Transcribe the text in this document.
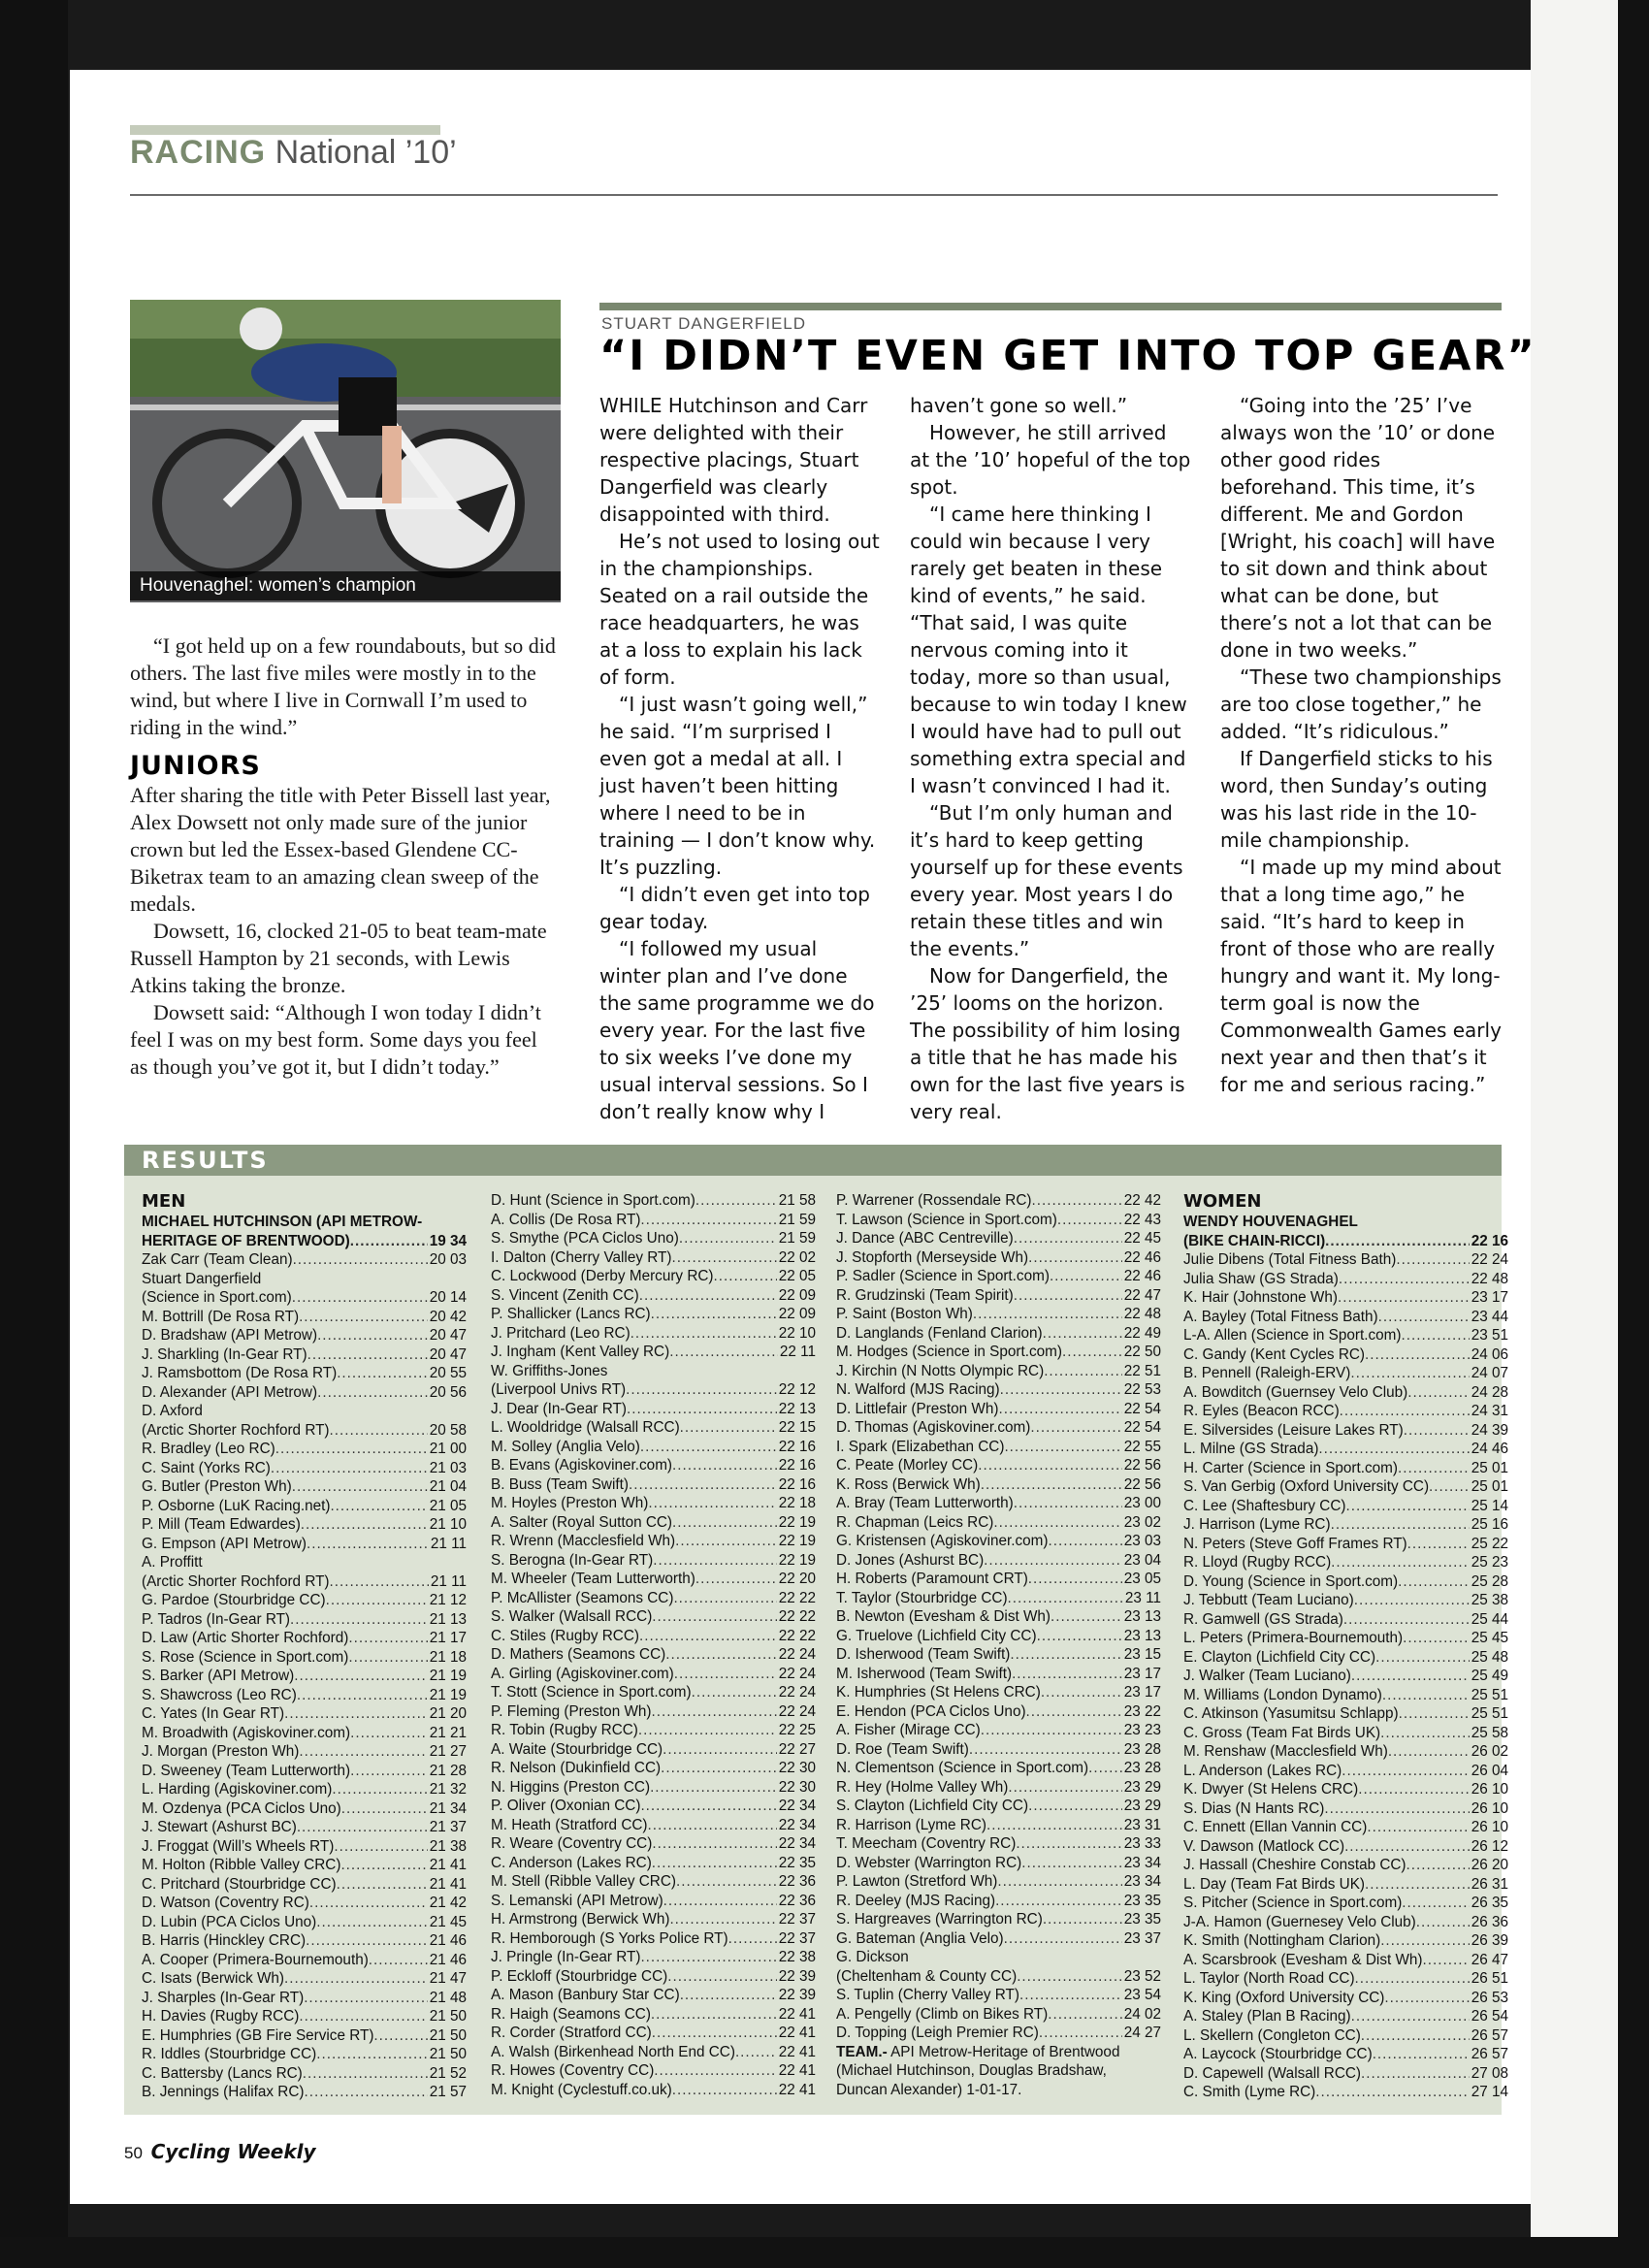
RACING National ’10’
Houvenaghel: women’s champion

“I got held up on a few roundabouts, but so did others. The last five miles were mostly in to the wind, but where I live in Cornwall I’m used to riding in the wind.”

JUNIORS

After sharing the title with Peter Bissell last year, Alex Dowsett not only made sure of the junior crown but led the Essex-based Glendene CC-Biketrax team to an amazing clean sweep of the medals.

Dowsett, 16, clocked 21-05 to beat team-mate Russell Hampton by 21 seconds, with Lewis Atkins taking the bronze.

Dowsett said: “Although I won today I didn’t feel I was on my best form. Some days you feel as though you’ve got it, but I didn’t today.”

STUART DANGERFIELD
“I DIDN’T EVEN GET INTO TOP GEAR”

WHILE Hutchinson and Carr were delighted with their respective placings, Stuart Dangerfield was clearly disappointed with third.

He’s not used to losing out in the championships. Seated on a rail outside the race headquarters, he was at a loss to explain his lack of form.

“I just wasn’t going well,” he said. “I’m surprised I even got a medal at all. I just haven’t been hitting where I need to be in training — I don’t know why. It’s puzzling.

“I didn’t even get into top gear today.

“I followed my usual winter plan and I’ve done the same programme we do every year. For the last five to six weeks I’ve done my usual interval sessions. So I don’t really know why I

haven’t gone so well.”

However, he still arrived at the ’10’ hopeful of the top spot.

“I came here thinking I could win because I very rarely get beaten in these kind of events,” he said. “That said, I was quite nervous coming into it today, more so than usual, because to win today I knew I would have had to pull out something extra special and I wasn’t convinced I had it.

“But I’m only human and it’s hard to keep getting yourself up for these events every year. Most years I do retain these titles and win the events.”

Now for Dangerfield, the ’25’ looms on the horizon. The possibility of him losing a title that he has made his own for the last five years is very real.

“Going into the ’25’ I’ve always won the ’10’ or done other good rides beforehand. This time, it’s different. Me and Gordon [Wright, his coach] will have to sit down and think about what can be done, but there’s not a lot that can be done in two weeks.”

“These two championships are too close together,” he added. “It’s ridiculous.”

If Dangerfield sticks to his word, then Sunday’s outing was his last ride in the 10-mile championship.

“I made up my mind about that a long time ago,” he said. “It’s hard to keep in front of those who are really hungry and want it. My long-term goal is now the Commonwealth Games early next year and then that’s it for me and serious racing.”

RESULTS
MEN
MICHAEL HUTCHINSON (API METROW-
HERITAGE OF BRENTWOOD) .....	19 34
Zak Carr (Team Clean) .....	20 03
Stuart Dangerfield
(Science in Sport.com) .....	20 14
M. Bottrill (De Rosa RT) .....	20 42
D. Bradshaw (API Metrow) .....	20 47
J. Sharkling (In-Gear RT) .....	20 47
J. Ramsbottom (De Rosa RT) .....	20 55
D. Alexander (API Metrow) .....	20 56
D. Axford
(Arctic Shorter Rochford RT) .....	20 58
R. Bradley (Leo RC) .....	21 00
C. Saint (Yorks RC) .....	21 03
G. Butler (Preston Wh) .....	21 04
P. Osborne (LuK Racing.net) .....	21 05
P. Mill (Team Edwardes) .....	21 10
G. Empson (API Metrow) .....	21 11
A. Proffitt
(Arctic Shorter Rochford RT) .....	21 11
G. Pardoe (Stourbridge CC) .....	21 12
P. Tadros (In-Gear RT) .....	21 13
D. Law (Artic Shorter Rochford) .....	21 17
S. Rose (Science in Sport.com) .....	21 18
S. Barker (API Metrow) .....	21 19
S. Shawcross (Leo RC) .....	21 19
C. Yates (In Gear RT) .....	21 20
M. Broadwith (Agiskoviner.com) .....	21 21
J. Morgan (Preston Wh) .....	21 27
D. Sweeney (Team Lutterworth) .....	21 28
L. Harding (Agiskoviner.com) .....	21 32
M. Ozdenya (PCA Ciclos Uno) .....	21 34
J. Stewart (Ashurst BC) .....	21 37
J. Froggat (Will’s Wheels RT) .....	21 38
M. Holton (Ribble Valley CRC) .....	21 41
C. Pritchard (Stourbridge CC) .....	21 41
D. Watson (Coventry RC) .....	21 42
D. Lubin (PCA Ciclos Uno) .....	21 45
B. Harris (Hinckley CRC) .....	21 46
A. Cooper (Primera-Bournemouth) .....	21 46
C. Isats (Berwick Wh) .....	21 47
J. Sharples (In-Gear RT) .....	21 48
H. Davies (Rugby RCC) .....	21 50
E. Humphries (GB Fire Service RT) .....	21 50
R. Iddles (Stourbridge CC) .....	21 50
C. Battersby (Lancs RC) .....	21 52
B. Jennings (Halifax RC) .....	21 57
D. Hunt (Science in Sport.com) .....	21 58
A. Collis (De Rosa RT) .....	21 59
S. Smythe (PCA Ciclos Uno) .....	21 59
I. Dalton (Cherry Valley RT) .....	22 02
C. Lockwood (Derby Mercury RC) .....	22 05
S. Vincent (Zenith CC) .....	22 09
P. Shallicker (Lancs RC) .....	22 09
J. Pritchard (Leo RC) .....	22 10
J. Ingham (Kent Valley RC) .....	22 11
W. Griffiths-Jones
(Liverpool Univs RT) .....	22 12
J. Dear (In-Gear RT) .....	22 13
L. Wooldridge (Walsall RCC) .....	22 15
M. Solley (Anglia Velo) .....	22 16
B. Evans (Agiskoviner.com) .....	22 16
B. Buss (Team Swift) .....	22 16
M. Hoyles (Preston Wh) .....	22 18
A. Salter (Royal Sutton CC) .....	22 19
R. Wrenn (Macclesfield Wh) .....	22 19
S. Berogna (In-Gear RT) .....	22 19
M. Wheeler (Team Lutterworth) .....	22 20
P. McAllister (Seamons CC) .....	22 22
S. Walker (Walsall RCC) .....	22 22
C. Stiles (Rugby RCC) .....	22 22
D. Mathers (Seamons CC) .....	22 24
A. Girling (Agiskoviner.com) .....	22 24
T. Stott (Science in Sport.com) .....	22 24
P. Fleming (Preston Wh) .....	22 24
R. Tobin (Rugby RCC) .....	22 25
A. Waite (Stourbridge CC) .....	22 27
R. Nelson (Dukinfield CC) .....	22 30
N. Higgins (Preston CC) .....	22 30
P. Oliver (Oxonian CC) .....	22 34
M. Heath (Stratford CC) .....	22 34
R. Weare (Coventry CC) .....	22 34
C. Anderson (Lakes RC) .....	22 35
M. Stell (Ribble Valley CRC) .....	22 36
S. Lemanski (API Metrow) .....	22 36
H. Armstrong (Berwick Wh) .....	22 37
R. Hemborough (S Yorks Police RT) .....	22 37
J. Pringle (In-Gear RT) .....	22 38
P. Eckloff (Stourbridge CC) .....	22 39
A. Mason (Banbury Star CC) .....	22 39
R. Haigh (Seamons CC) .....	22 41
R. Corder (Stratford CC) .....	22 41
A. Walsh (Birkenhead North End CC) .....	22 41
R. Howes (Coventry CC) .....	22 41
M. Knight (Cyclestuff.co.uk) .....	22 41
P. Warrener (Rossendale RC) .....	22 42
T. Lawson (Science in Sport.com) .....	22 43
J. Dance (ABC Centreville) .....	22 45
J. Stopforth (Merseyside Wh) .....	22 46
P. Sadler (Science in Sport.com) .....	22 46
R. Grudzinski (Team Spirit) .....	22 47
P. Saint (Boston Wh) .....	22 48
D. Langlands (Fenland Clarion) .....	22 49
M. Hodges (Science in Sport.com) .....	22 50
J. Kirchin (N Notts Olympic RC) .....	22 51
N. Walford (MJS Racing) .....	22 53
D. Littlefair (Preston Wh) .....	22 54
D. Thomas (Agiskoviner.com) .....	22 54
I. Spark (Elizabethan CC) .....	22 55
C. Peate (Morley CC) .....	22 56
K. Ross (Berwick Wh) .....	22 56
A. Bray (Team Lutterworth) .....	23 00
R. Chapman (Leics RC) .....	23 02
G. Kristensen (Agiskoviner.com) .....	23 03
D. Jones (Ashurst BC) .....	23 04
H. Roberts (Paramount CRT) .....	23 05
T. Taylor (Stourbridge CC) .....	23 11
B. Newton (Evesham & Dist Wh) .....	23 13
G. Truelove (Lichfield City CC) .....	23 13
D. Isherwood (Team Swift) .....	23 15
M. Isherwood (Team Swift) .....	23 17
K. Humphries (St Helens CRC) .....	23 17
E. Hendon (PCA Ciclos Uno) .....	23 22
A. Fisher (Mirage CC) .....	23 23
D. Roe (Team Swift) .....	23 28
N. Clementson (Science in Sport.com) ..... 23 28
R. Hey (Holme Valley Wh) .....	23 29
S. Clayton (Lichfield City CC) .....	23 29
R. Harrison (Lyme RC) .....	23 31
T. Meecham (Coventry RC) .....	23 33
D. Webster (Warrington RC) .....	23 34
P. Lawton (Stretford Wh) .....	23 34
R. Deeley (MJS Racing) .....	23 35
S. Hargreaves (Warrington RC) .....	23 35
G. Bateman (Anglia Velo) .....	23 37
G. Dickson
(Cheltenham & County CC) .....	23 52
S. Tuplin (Cherry Valley RT) .....	23 54
A. Pengelly (Climb on Bikes RT) .....	24 02
D. Topping (Leigh Premier RC) .....	24 27
TEAM.- API Metrow-Heritage of Brentwood (Michael Hutchinson, Douglas Bradshaw, Duncan Alexander) 1-01-17.
WOMEN
WENDY HOUVENAGHEL
(BIKE CHAIN-RICCI) .....	22 16
Julie Dibens (Total Fitness Bath) .....	22 24
Julia Shaw (GS Strada) .....	22 48
K. Hair (Johnstone Wh) .....	23 17
A. Bayley (Total Fitness Bath) .....	23 44
L-A. Allen (Science in Sport.com) .....	23 51
C. Gandy (Kent Cycles RC) .....	24 06
B. Pennell (Raleigh-ERV) .....	24 07
A. Bowditch (Guernsey Velo Club) .....	24 28
R. Eyles (Beacon RCC) .....	24 31
E. Silversides (Leisure Lakes RT) .....	24 39
L. Milne (GS Strada) .....	24 46
H. Carter (Science in Sport.com) .....	25 01
S. Van Gerbig (Oxford University CC) .....	25 01
C. Lee (Shaftesbury CC) .....	25 14
J. Harrison (Lyme RC) .....	25 16
N. Peters (Steve Goff Frames RT) .....	25 22
R. Lloyd (Rugby RCC) .....	25 23
D. Young (Science in Sport.com) .....	25 28
J. Tebbutt (Team Luciano) .....	25 38
R. Gamwell (GS Strada) .....	25 44
L. Peters (Primera-Bournemouth) .....	25 45
E. Clayton (Lichfield City CC) .....	25 48
J. Walker (Team Luciano) .....	25 49
M. Williams (London Dynamo) .....	25 51
C. Atkinson (Yasumitsu Schlapp) .....	25 51
C. Gross (Team Fat Birds UK) .....	25 58
M. Renshaw (Macclesfield Wh) .....	26 02
L. Anderson (Lakes RC) .....	26 04
K. Dwyer (St Helens CRC) .....	26 10
S. Dias (N Hants RC) .....	26 10
C. Ennett (Ellan Vannin CC) .....	26 10
V. Dawson (Matlock CC) .....	26 12
J. Hassall (Cheshire Constab CC) .....	26 20
L. Day (Team Fat Birds UK) .....	26 31
S. Pitcher (Science in Sport.com) .....	26 35
J-A. Hamon (Guernesey Velo Club) .....	26 36
K. Smith (Nottingham Clarion) .....	26 39
A. Scarsbrook (Evesham & Dist Wh) .....	26 47
L. Taylor (North Road CC) .....	26 51
K. King (Oxford University CC) .....	26 53
A. Staley (Plan B Racing) .....	26 54
L. Skellern (Congleton CC) .....	26 57
A. Laycock (Stourbridge CC) .....	26 57
D. Capewell (Walsall RCC) .....	27 08
C. Smith (Lyme RC) .....	27 14
50 Cycling Weekly
